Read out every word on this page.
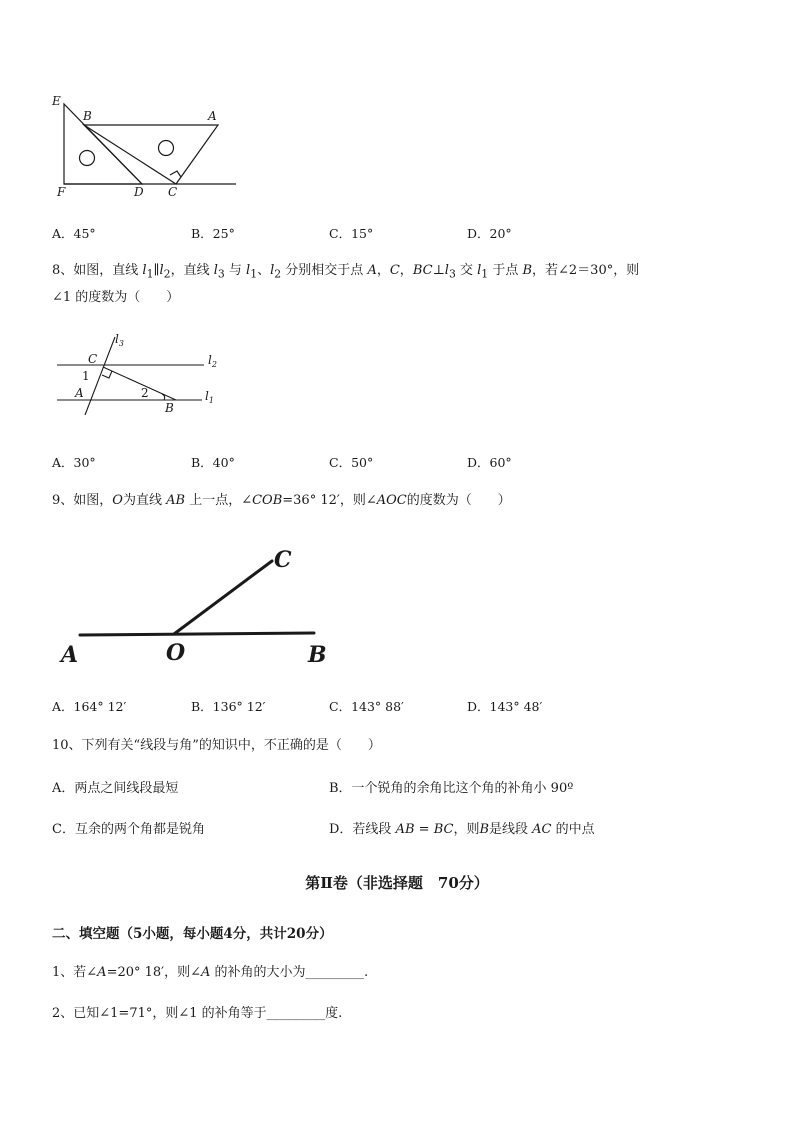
E
B	A
F	D C
A．45°	B．25°	C．15°	D．20°
8、如图，直线 $l_1\parallel l_2$，直线 $l_3$ 与 $l_1$、$l_2$ 分别相交于点 A，C，$BC\perp l_3$ 交 $l_1$ 于点 B，若∠2＝30°，则
∠1 的度数为（　　）
$l_3$
$l_2$
$l_1$
C
1
A	2
B
A．30°	B．40°	C．50°	D．60°
9、如图，O为直线 AB 上一点，∠COB=36° 12′，则∠AOC的度数为（　　）
A	O	B
C
A．164° 12′	B．136° 12′	C．143° 88′	D．143° 48′
10、下列有关“线段与角”的知识中，不正确的是（　　）
A．两点之间线段最短	B．一个锐角的余角比这个角的补角小 90º
C．互余的两个角都是锐角	D．若线段 AB = BC，则B是线段 AC 的中点
第Ⅱ卷（非选择题　70分）
二、填空题（5小题，每小题4分，共计20分）
1、若∠A=20° 18′，则∠A 的补角的大小为_________.
2、已知∠1=71°，则∠1 的补角等于_________度.
